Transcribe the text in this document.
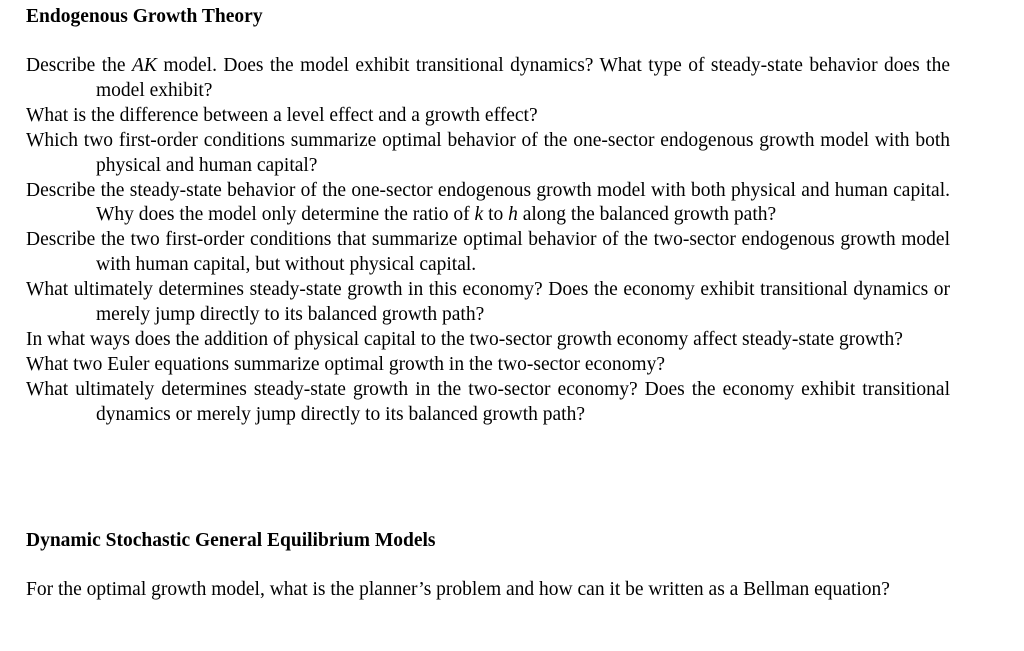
Endogenous Growth Theory

Describe the AK model. Does the model exhibit transitional dynamics? What type of steady-state behavior does the model exhibit?

What is the difference between a level effect and a growth effect?

Which two first-order conditions summarize optimal behavior of the one-sector endogenous growth model with both physical and human capital?

Describe the steady-state behavior of the one-sector endogenous growth model with both physical and human capital. Why does the model only determine the ratio of k to h along the balanced growth path?

Describe the two first-order conditions that summarize optimal behavior of the two-sector endogenous growth model with human capital, but without physical capital.

What ultimately determines steady-state growth in this economy? Does the economy exhibit transitional dynamics or merely jump directly to its balanced growth path?

In what ways does the addition of physical capital to the two-sector growth economy affect steady-state growth?

What two Euler equations summarize optimal growth in the two-sector economy?

What ultimately determines steady-state growth in the two-sector economy? Does the economy exhibit transitional dynamics or merely jump directly to its balanced growth path?

Dynamic Stochastic General Equilibrium Models

For the optimal growth model, what is the planner’s problem and how can it be written as a Bellman equation?
